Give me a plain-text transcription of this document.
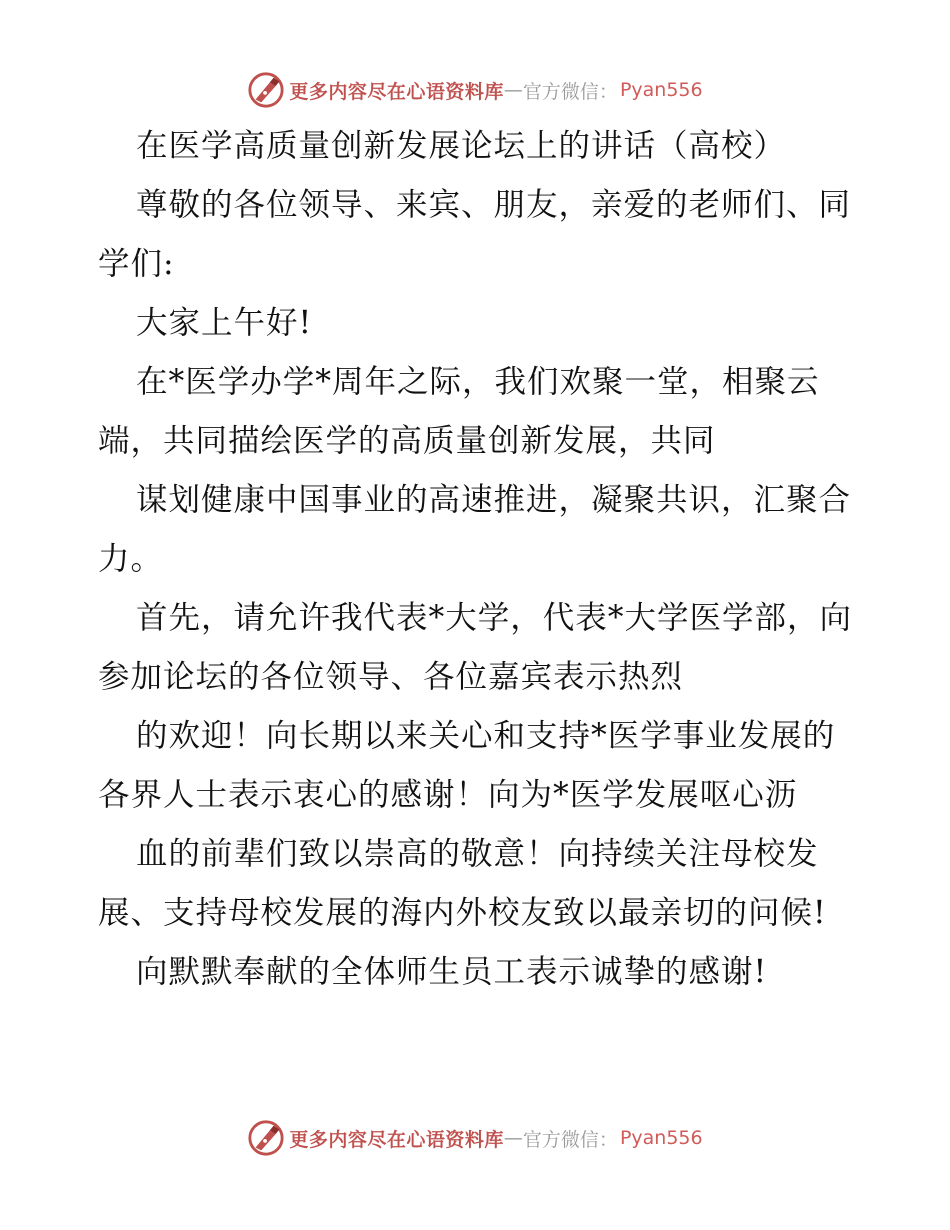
更多内容尽在心语资料库 — 官方微信： Pyan556

在医学高质量创新发展论坛上的讲话（高校）

尊敬的各位领导、来宾、朋友，亲爱的老师们、同学们:

大家上午好!

在*医学办学*周年之际，我们欢聚一堂，相聚云端，共同描绘医学的高质量创新发展，共同

谋划健康中国事业的高速推进，凝聚共识，汇聚合力。

首先，请允许我代表*大学，代表*大学医学部，向参加论坛的各位领导、各位嘉宾表示热烈

的欢迎！向长期以来关心和支持*医学事业发展的各界人士表示衷心的感谢！向为*医学发展呕心沥

血的前辈们致以崇高的敬意！向持续关注母校发展、支持母校发展的海内外校友致以最亲切的问候!

向默默奉献的全体师生员工表示诚挚的感谢!

更多内容尽在心语资料库 — 官方微信： Pyan556
